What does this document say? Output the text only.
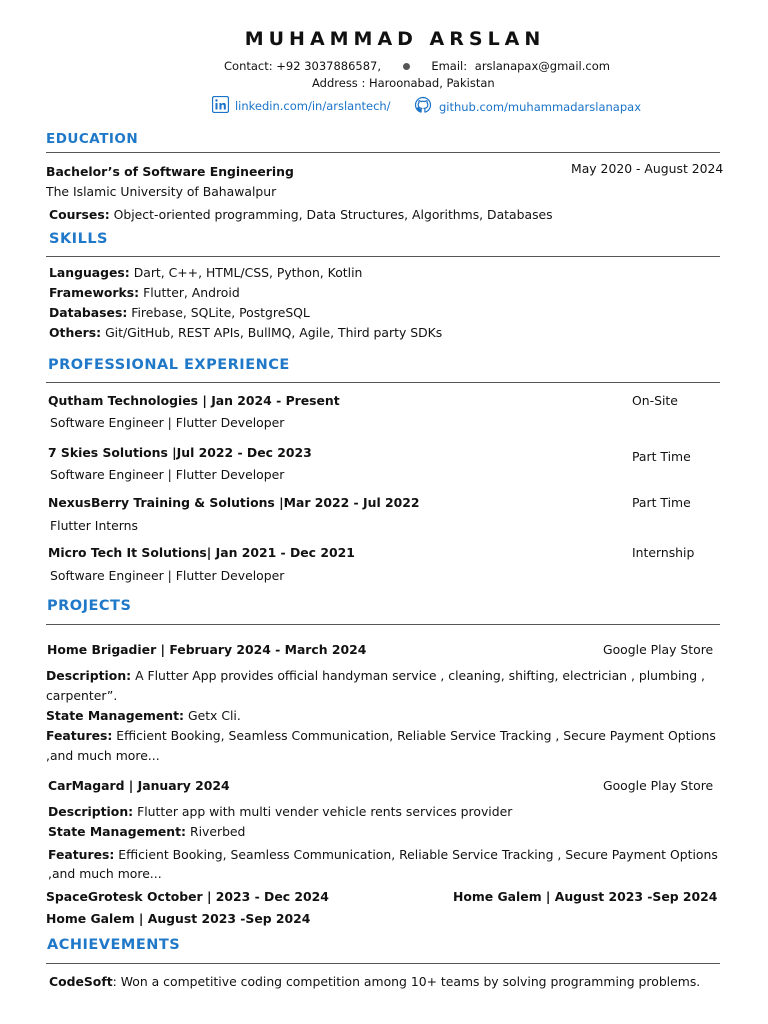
MUHAMMAD ARSLAN
Contact: +92 3037886587,	Email: arslanapax@gmail.com
Address : Haroonabad, Pakistan
linkedin.com/in/arslantech/	github.com/muhammadarslanapax
EDUCATION
Bachelor’s of Software Engineering	May 2020 - August 2024
The Islamic University of Bahawalpur
Courses: Object-oriented programming, Data Structures, Algorithms, Databases
SKILLS
Languages: Dart, C++, HTML/CSS, Python, Kotlin
Frameworks: Flutter, Android
Databases: Firebase, SQLite, PostgreSQL
Others: Git/GitHub, REST APIs, BullMQ, Agile, Third party SDKs
PROFESSIONAL EXPERIENCE
Qutham Technologies | Jan 2024 - Present	On-Site
Software Engineer | Flutter Developer
7 Skies Solutions |Jul 2022 - Dec 2023	Part Time
Software Engineer | Flutter Developer
NexusBerry Training & Solutions |Mar 2022 - Jul 2022	Part Time
Flutter Interns
Micro Tech It Solutions| Jan 2021 - Dec 2021	Internship
Software Engineer | Flutter Developer
PROJECTS
Home Brigadier | February 2024 - March 2024	Google Play Store
Description: A Flutter App provides official handyman service , cleaning, shifting, electrician , plumbing ,
carpenter”.
State Management: Getx Cli.
Features: Efficient Booking, Seamless Communication, Reliable Service Tracking , Secure Payment Options
,and much more...
CarMagard | January 2024	Google Play Store
Description: Flutter app with multi vender vehicle rents services provider
State Management: Riverbed
Features: Efficient Booking, Seamless Communication, Reliable Service Tracking , Secure Payment Options
,and much more...
SpaceGrotesk October | 2023 - Dec 2024	Home Galem | August 2023 -Sep 2024
Home Galem | August 2023 -Sep 2024
ACHIEVEMENTS
CodeSoft: Won a competitive coding competition among 10+ teams by solving programming problems.
